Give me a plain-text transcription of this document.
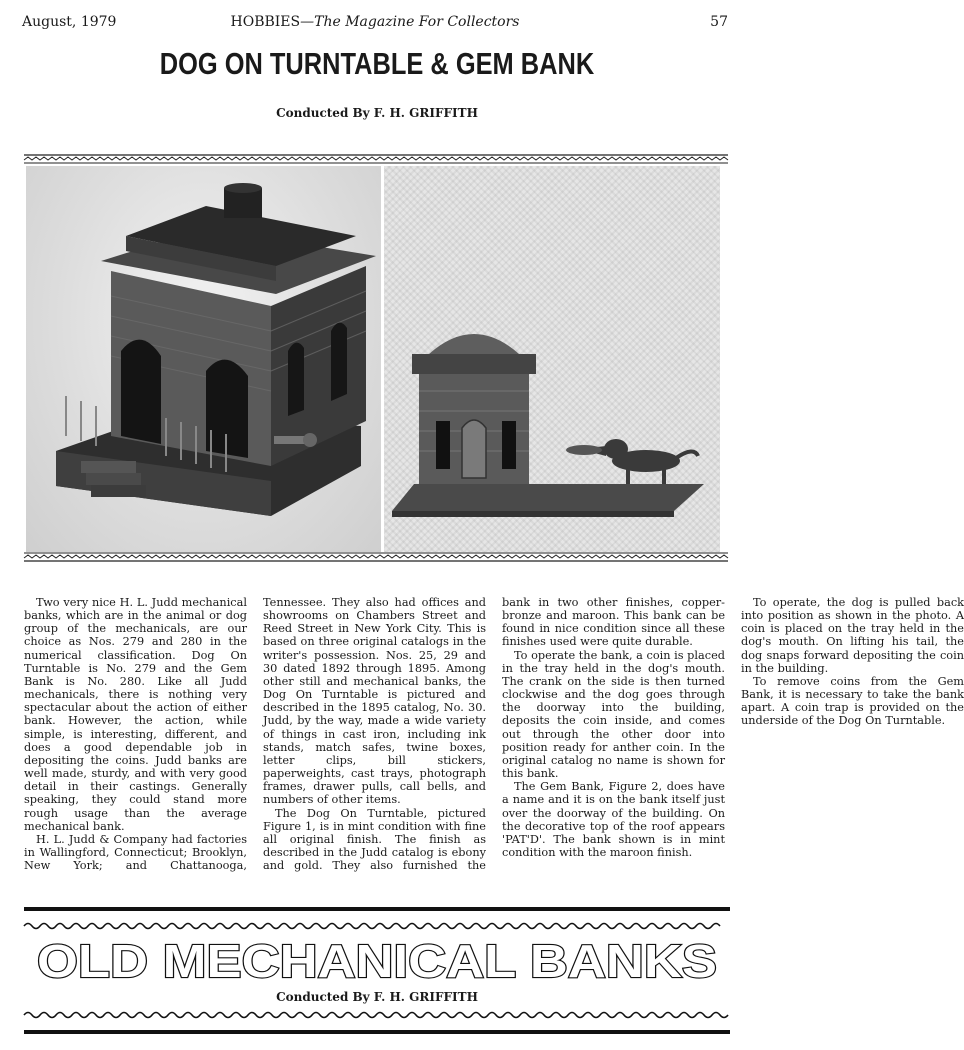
August, 1979	HOBBIES—The Magazine For Collectors	57
DOG ON TURNTABLE & GEM BANK
Conducted By F. H. GRIFFITH

Two very nice H. L. Judd mechanical banks, which are in the animal or dog group of the mechanicals, are our choice as Nos. 279 and 280 in the numerical classification. Dog On Turntable is No. 279 and the Gem Bank is No. 280. Like all Judd mechanicals, there is nothing very spectacular about the action of either bank. However, the action, while simple, is interesting, different, and does a good dependable job in depositing the coins. Judd banks are well made, sturdy, and with very good detail in their castings. Generally speaking, they could stand more rough usage than the average mechanical bank.

H. L. Judd & Company had factories in Wallingford, Connecticut; Brooklyn, New York; and Chattanooga, Tennessee. They also had offices and showrooms on Chambers Street and Reed Street in New York City. This is based on three original catalogs in the writer's possession. Nos. 25, 29 and 30 dated 1892 through 1895. Among other still and mechanical banks, the Dog On Turntable is pictured and described in the 1895 catalog, No. 30. Judd, by the way, made a wide variety of things in cast iron, including ink stands, match safes, twine boxes, letter clips, bill stickers, paperweights, cast trays, photograph frames, drawer pulls, call bells, and numbers of other items.

The Dog On Turntable, pictured Figure 1, is in mint condition with fine all original finish. The finish as described in the Judd catalog is ebony and gold. They also furnished the bank in two other finishes, copper-bronze and maroon. This bank can be found in nice condition since all these finishes used were quite durable.

To operate the bank, a coin is placed in the tray held in the dog's mouth. The crank on the side is then turned clockwise and the dog goes through the doorway into the building, deposits the coin inside, and comes out through the other door into position ready for anther coin. In the original catalog no name is shown for this bank.

The Gem Bank, Figure 2, does have a name and it is on the bank itself just over the doorway of the building. On the decorative top of the roof appears 'PAT'D'. The bank shown is in mint condition with the maroon finish.

To operate, the dog is pulled back into position as shown in the photo. A coin is placed on the tray held in the dog's mouth. On lifting his tail, the dog snaps forward depositing the coin in the building.

To remove coins from the Gem Bank, it is necessary to take the bank apart. A coin trap is provided on the underside of the Dog On Turntable.

OLD MECHANICAL BANKS
Conducted By F. H. GRIFFITH
